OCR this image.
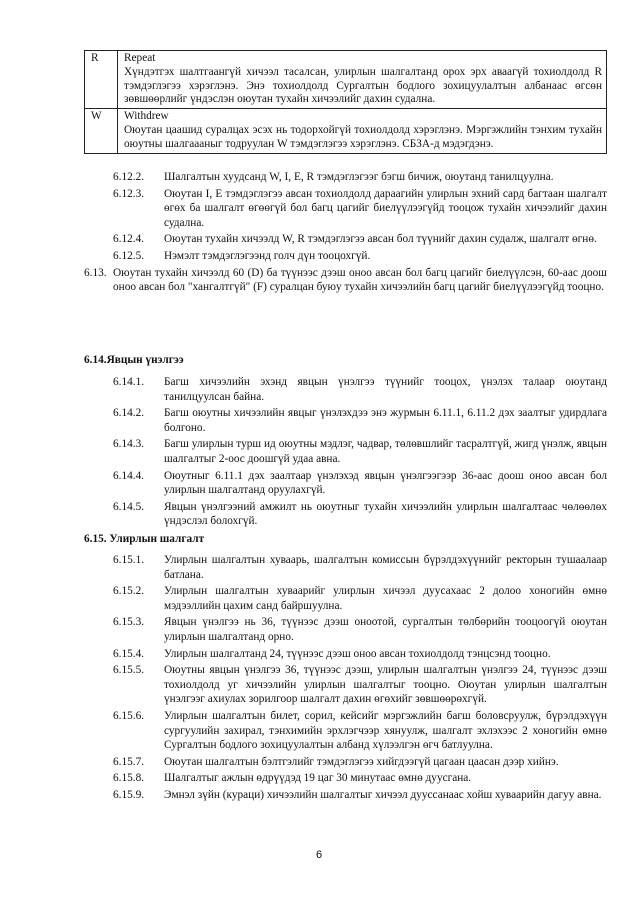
R	Repeat
Хүндэтгэх шалтгаангүй хичээл тасалсан, улирлын шалгалтанд орох эрх аваагүй тохиолдолд R тэмдэглэгээ хэрэглэнэ. Энэ тохиолдолд Сургалтын бодлого зохицуулалтын албанаас өгсөн зөвшөөрлийг үндэслэн оюутан тухайн хичээлийг дахин судална.

W	Withdrew
Оюутан цаашид суралцах эсэх нь тодорхойгүй тохиолдолд хэрэглэнэ. Мэргэжлийн тэнхим тухайн оюутны шалгаааныг тодруулан W тэмдэглэгээ хэрэглэнэ. СБЗА-д мэдэгдэнэ.
6.12.2. Шалгалтын хуудсанд W, I, E, R тэмдэглэгээг бэгш бичиж, оюутанд танилцуулна.
6.12.3. Оюутан I, E тэмдэглэгээ авсан тохиолдолд дараагийн улирлын эхний сард багтаан шалгалт өгөх ба шалгалт өгөөгүй бол багц цагийг биелүүлээгүйд тооцож тухайн хичээлийг дахин судална.
6.12.4. Оюутан тухайн хичээлд W, R тэмдэглэгээ авсан бол түүнийг дахин судалж, шалгалт өгнө.
6.12.5. Нэмэлт тэмдэглэгээнд голч дүн тооцохгүй.
6.13. Оюутан тухайн хичээлд 60 (D) ба түүнээс дээш оноо авсан бол багц цагийг биелүүлсэн, 60-аас доош оноо авсан бол "хангалтгүй" (F) суралцан буюу тухайн хичээлийн багц цагийг биелүүлээгүйд тооцно.
6.14.Явцын үнэлгээ
6.14.1. Багш хичээлийн эхэнд явцын үнэлгээ түүнийг тооцох, үнэлэх талаар оюутанд танилцуулсан байна.
6.14.2. Багш оюутны хичээлийн явцыг үнэлэхдээ энэ журмын 6.11.1, 6.11.2 дэх заалтыг удирдлага болгоно.
6.14.3. Багш улирлын турш ид оюутны мэдлэг, чадвар, төлөвшлийг тасралтгүй, жигд үнэлж, явцын шалгалтыг 2-оос доошгүй удаа авна.
6.14.4. Оюутныг 6.11.1 дэх заалтаар үнэлэхэд явцын үнэлгээгээр 36-аас доош оноо авсан бол улирлын шалгалтанд оруулахгүй.
6.14.5. Явцын үнэлгээний амжилт нь оюутныг тухайн хичээлийн улирлын шалгалтаас чөлөөлөх үндэслэл болохгүй.
6.15. Улирлын шалгалт
6.15.1. Улирлын шалгалтын хуваарь, шалгалтын комиссын бүрэлдэхүүнийг ректорын тушаалаар батлана.
6.15.2. Улирлын шалгалтын хуваарийг улирлын хичээл дуусахаас 2 долоо хоногийн өмнө мэдээллийн цахим санд байршуулна.
6.15.3. Явцын үнэлгээ нь 36, түүнээс дээш оноотой, сургалтын төлбөрийн тооцоогүй оюутан улирлын шалгалтанд орно.
6.15.4. Улирлын шалгалтанд 24, түүнээс дээш оноо авсан тохиолдолд тэнцсэнд тооцно.
6.15.5. Оюутны явцын үнэлгээ 36, түүнээс дээш, улирлын шалгалтын үнэлгээ 24, түүнээс дээш тохиолдолд уг хичээлийн улирлын шалгалтыг тооцно. Оюутан улирлын шалгалтын үнэлгээг ахиулах зорилгоор шалгалт дахин өгөхийг зөвшөөрөхгүй.
6.15.6. Улирлын шалгалтын билет, сорил, кейсийг мэргэжлийн багш боловсруулж, бүрэлдэхүүн сургуулийн захирал, тэнхимийн эрхлэгчээр хянуулж, шалгалт эхлэхээс 2 хоногийн өмнө Сургалтын бодлого зохицуулалтын албанд хүлээлгэн өгч батлуулна.
6.15.7. Оюутан шалгалтын бэлтгэлийг тэмдэглэгээ хийгдээгүй цагаан цаасан дээр хийнэ.
6.15.8. Шалгалтыг ажлын өдрүүдэд 19 цаг 30 минутаас өмнө дуусгана.
6.15.9. Эмнэл зүйн (кураци) хичээлийн шалгалтыг хичээл дууссанаас хойш хуваарийн дагуу авна.
6
